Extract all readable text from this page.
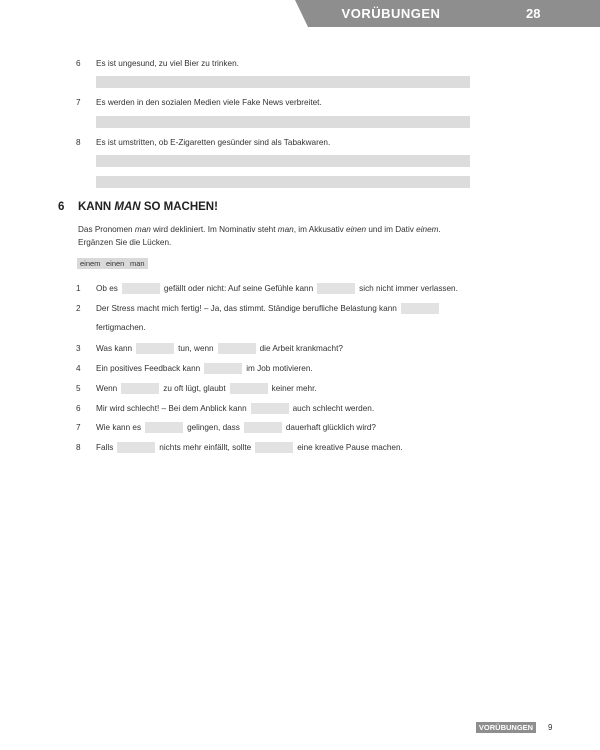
VORÜBUNGEN	28
6 Es ist ungesund, zu viel Bier zu trinken.
7 Es werden in den sozialen Medien viele Fake News verbreitet.
8 Es ist umstritten, ob E-Zigaretten gesünder sind als Tabakwaren.
6 KANN MAN SO MACHEN!
Das Pronomen man wird dekliniert. Im Nominativ steht man, im Akkusativ einen und im Dativ einem. Ergänzen Sie die Lücken.
einem einen man
1 Ob es	gefällt oder nicht: Auf seine Gefühle kann	sich nicht immer verlassen.
2 Der Stress macht mich fertig! – Ja, das stimmt. Ständige berufliche Belastung kann
fertigmachen.
3 Was kann	tun, wenn	die Arbeit krankmacht?
4 Ein positives Feedback kann	im Job motivieren.
5 Wenn	zu oft lügt, glaubt	keiner mehr.
6 Mir wird schlecht! – Bei dem Anblick kann	auch schlecht werden.
7 Wie kann es	gelingen, dass	dauerhaft glücklich wird?
8 Falls	nichts mehr einfällt, sollte	eine kreative Pause machen.
VORÜBUNGEN	9
